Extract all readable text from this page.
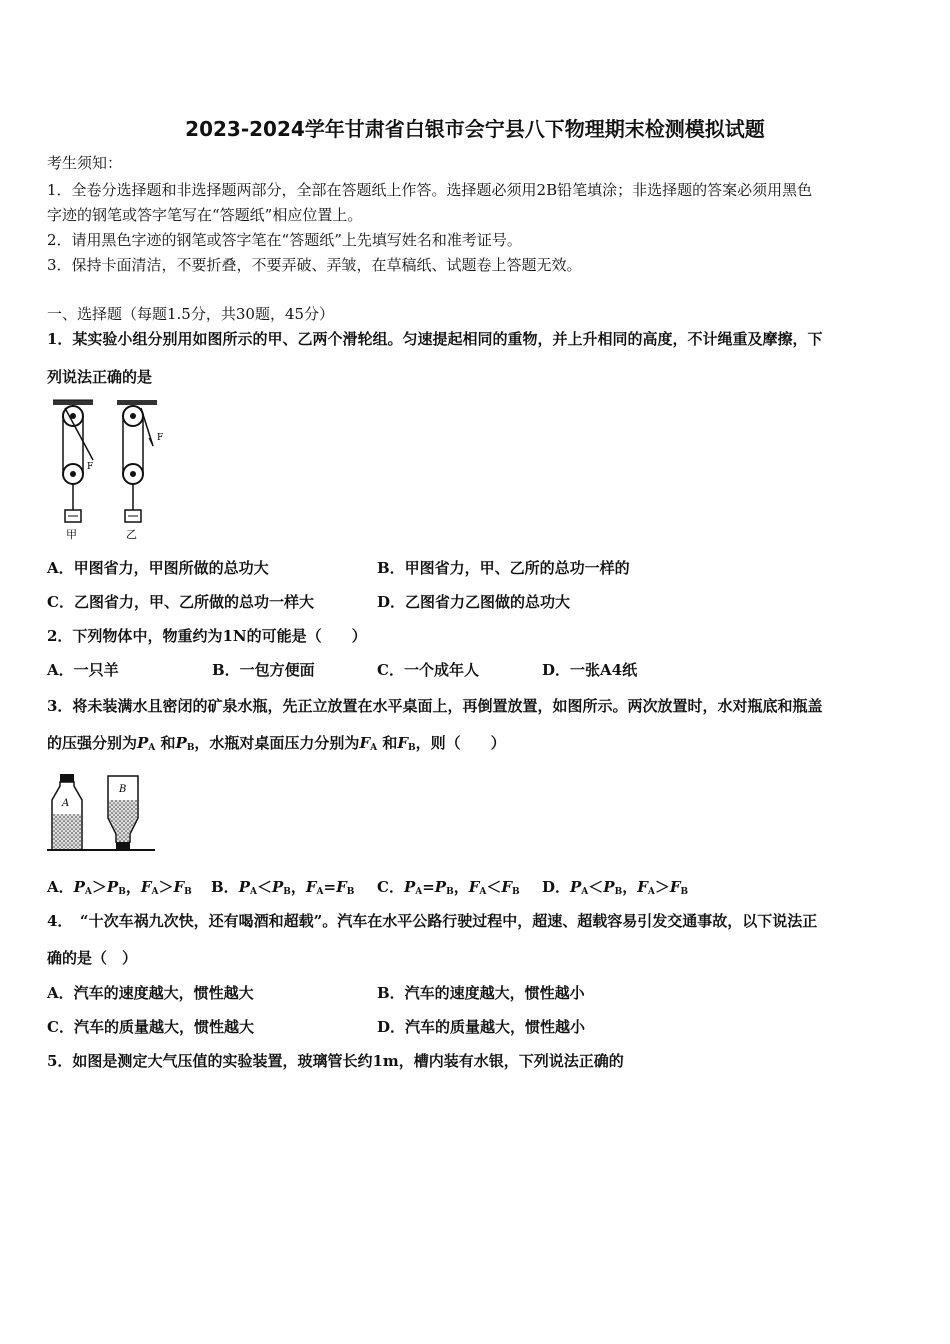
2023-2024学年甘肃省白银市会宁县八下物理期末检测模拟试题
考生须知：
1．全卷分选择题和非选择题两部分，全部在答题纸上作答。选择题必须用2B铅笔填涂；非选择题的答案必须用黑色
字迹的钢笔或答字笔写在“答题纸”相应位置上。
2．请用黑色字迹的钢笔或答字笔在“答题纸”上先填写姓名和准考证号。
3．保持卡面清洁，不要折叠，不要弄破、弄皱，在草稿纸、试题卷上答题无效。
一、选择题（每题1.5分，共30题，45分）
1．某实验小组分别用如图所示的甲、乙两个滑轮组。匀速提起相同的重物，并上升相同的高度，不计绳重及摩擦，下
列说法正确的是
F
甲
F
乙
A．甲图省力，甲图所做的总功大	B．甲图省力，甲、乙所的总功一样的
C．乙图省力，甲、乙所做的总功一样大	D．乙图省力乙图做的总功大
2．下列物体中，物重约为1N的可能是（　　）
A．一只羊	B．一包方便面	C．一个成年人	D．一张A4纸
3．将未装满水且密闭的矿泉水瓶，先正立放置在水平桌面上，再倒置放置，如图所示。两次放置时，水对瓶底和瓶盖
的压强分别为$P_A$ 和$P_B$，水瓶对桌面压力分别为$F_A$ 和$F_B$，则（　　）
A
B
A．$P_A>P_B$，$F_A>F_B$ B．$P_A<P_B$，$F_A=F_B$ C．$P_A=P_B$，$F_A<F_B$ D．$P_A<P_B$，$F_A>F_B$
4．　“十次车祸九次快，还有喝酒和超载”。汽车在水平公路行驶过程中，超速、超载容易引发交通事故，以下说法正
确的是（　）
A．汽车的速度越大，惯性越大	B．汽车的速度越大，惯性越小
C．汽车的质量越大，惯性越大	D．汽车的质量越大，惯性越小
5．如图是测定大气压值的实验装置，玻璃管长约1m，槽内装有水银，下列说法正确的
